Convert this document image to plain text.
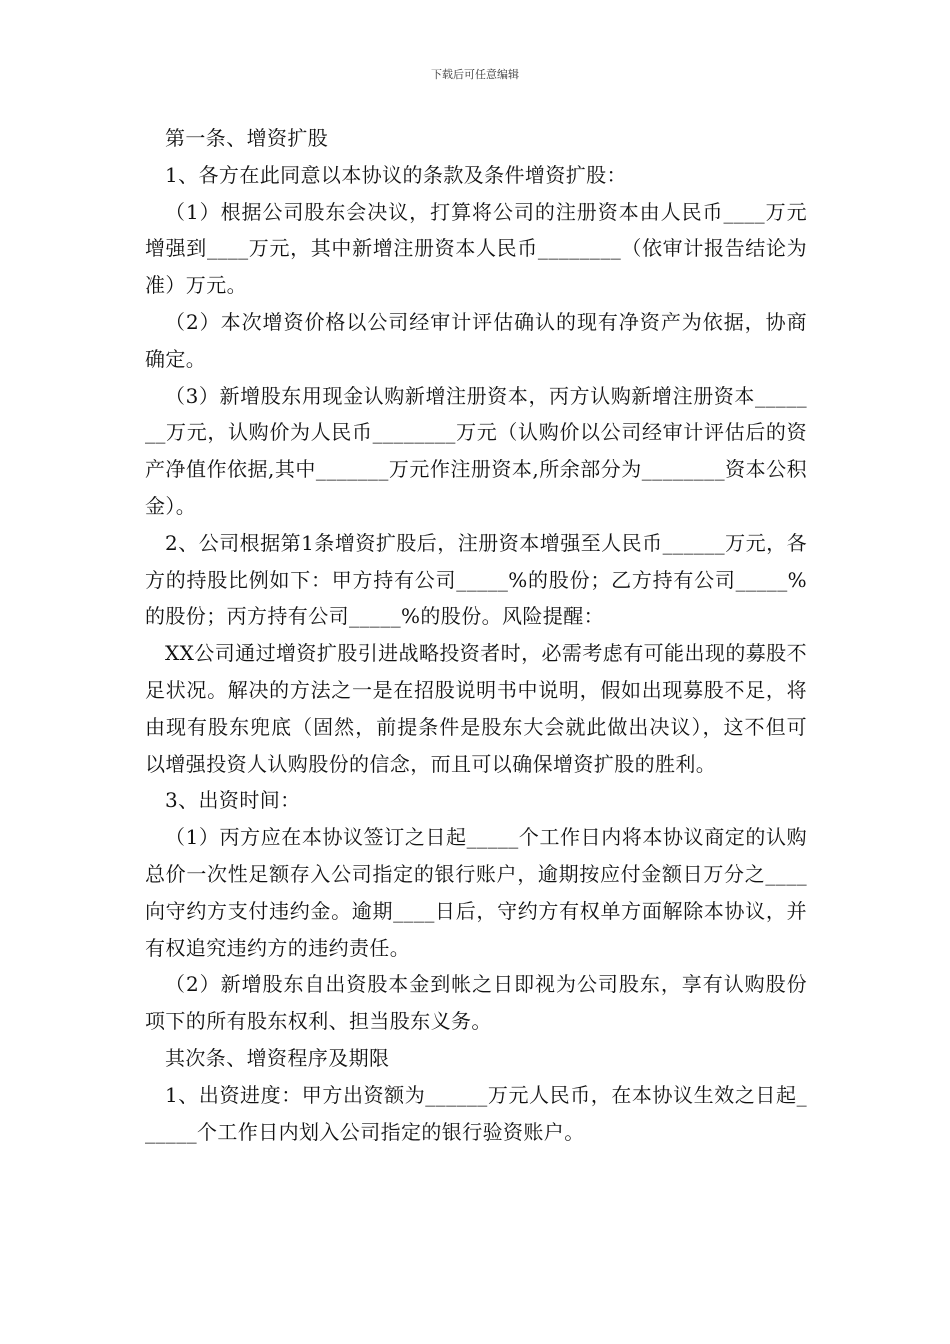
下载后可任意编辑

第一条、增资扩股

1、各方在此同意以本协议的条款及条件增资扩股：

（1）根据公司股东会决议，打算将公司的注册资本由人民币____万元增强到____万元，其中新增注册资本人民币________（依审计报告结论为准）万元。

（2）本次增资价格以公司经审计评估确认的现有净资产为依据，协商确定。

（3）新增股东用现金认购新增注册资本，丙方认购新增注册资本_______万元，认购价为人民币________万元（认购价以公司经审计评估后的资产净值作依据,其中_______万元作注册资本,所余部分为________资本公积金）。

2、公司根据第1条增资扩股后，注册资本增强至人民币______万元，各方的持股比例如下：甲方持有公司_____%的股份；乙方持有公司_____%的股份；丙方持有公司_____%的股份。风险提醒：

XX公司通过增资扩股引进战略投资者时，必需考虑有可能出现的募股不足状况。解决的方法之一是在招股说明书中说明，假如出现募股不足，将由现有股东兜底（固然，前提条件是股东大会就此做出决议），这不但可以增强投资人认购股份的信念，而且可以确保增资扩股的胜利。

3、出资时间：

（1）丙方应在本协议签订之日起_____个工作日内将本协议商定的认购总价一次性足额存入公司指定的银行账户，逾期按应付金额日万分之____向守约方支付违约金。逾期____日后，守约方有权单方面解除本协议，并有权追究违约方的违约责任。

（2）新增股东自出资股本金到帐之日即视为公司股东，享有认购股份项下的所有股东权利、担当股东义务。

其次条、增资程序及期限

1、出资进度：甲方出资额为______万元人民币，在本协议生效之日起______个工作日内划入公司指定的银行验资账户。
